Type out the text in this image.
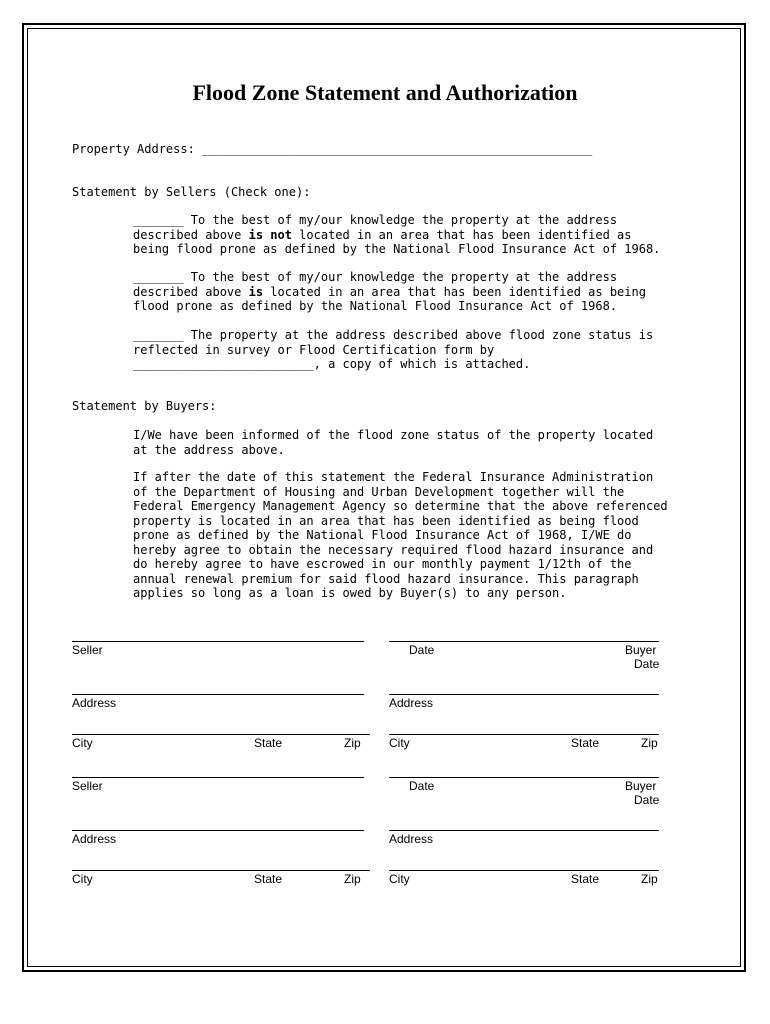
Flood Zone Statement and Authorization
Property Address: ______________________________________________________
Statement by Sellers (Check one):
_______ To the best of my/our knowledge the property at the address
described above is not located in an area that has been identified as
being flood prone as defined by the National Flood Insurance Act of 1968.
_______ To the best of my/our knowledge the property at the address
described above is located in an area that has been identified as being
flood prone as defined by the National Flood Insurance Act of 1968.
_______ The property at the address described above flood zone status is
reflected in survey or Flood Certification form by
_________________________, a copy of which is attached.
Statement by Buyers:
I/We have been informed of the flood zone status of the property located
at the address above.
If after the date of this statement the Federal Insurance Administration
of the Department of Housing and Urban Development together will the
Federal Emergency Management Agency so determine that the above referenced
property is located in an area that has been identified as being flood
prone as defined by the National Flood Insurance Act of 1968, I/WE do
hereby agree to obtain the necessary required flood hazard insurance and
do hereby agree to have escrowed in our monthly payment 1/12th of the
annual renewal premium for said flood hazard insurance. This paragraph
applies so long as a loan is owed by Buyer(s) to any person.
Seller	Date	Buyer
Date
Address	Address
City	State	Zip City	State	Zip
Seller	Date	Buyer
Date
Address	Address
City	State	Zip City	State	Zip
